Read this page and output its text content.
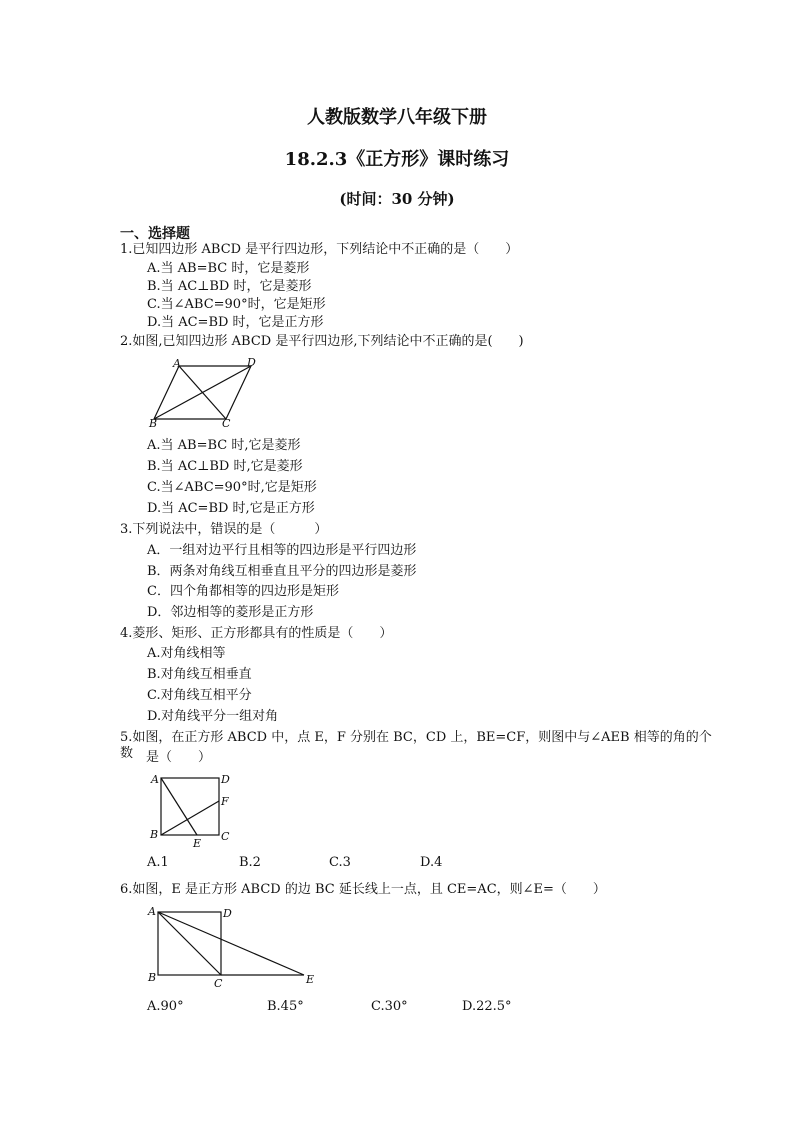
人教版数学八年级下册
18.2.3《正方形》课时练习
(时间：30 分钟)
一、选择题
1.已知四边形 ABCD 是平行四边形，下列结论中不正确的是（　　）
A.当 AB=BC 时，它是菱形
B.当 AC⊥BD 时，它是菱形
C.当∠ABC=90°时，它是矩形
D.当 AC=BD 时，它是正方形
2.如图,已知四边形 ABCD 是平行四边形,下列结论中不正确的是(　　)
A	D
B	C
A.当 AB=BC 时,它是菱形
B.当 AC⊥BD 时,它是菱形
C.当∠ABC=90°时,它是矩形
D.当 AC=BD 时,它是正方形
3.下列说法中，错误的是（　　　）
A．一组对边平行且相等的四边形是平行四边形
B．两条对角线互相垂直且平分的四边形是菱形
C．四个角都相等的四边形是矩形
D．邻边相等的菱形是正方形
4.菱形、矩形、正方形都具有的性质是（　　）
A.对角线相等
B.对角线互相垂直
C.对角线互相平分
D.对角线平分一组对角
5.如图，在正方形 ABCD 中，点 E，F 分别在 BC，CD 上，BE=CF，则图中与∠AEB 相等的角的个数 是（　　）
A	D
F
B
E
C
A.1	B.2	C.3	D.4
6.如图，E 是正方形 ABCD 的边 BC 延长线上一点，且 CE=AC，则∠E=（　　）
A	D
B	C	E
A.90°	B.45°	C.30°	D.22.5°
